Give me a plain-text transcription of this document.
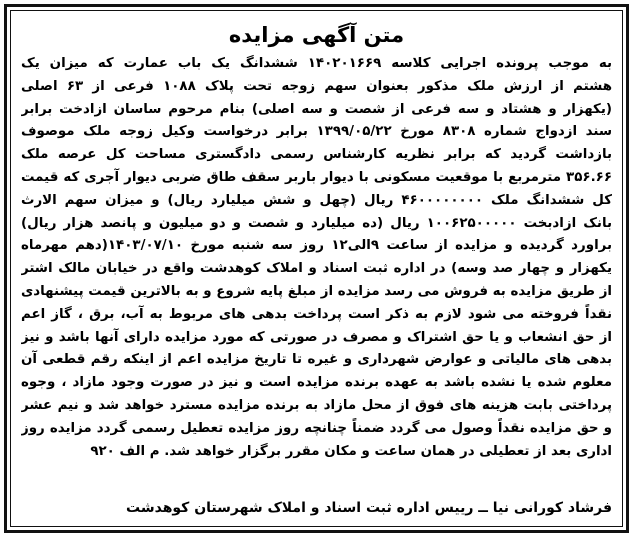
متن آگهی مزایده
به موجب پرونده اجرایی کلاسه ۱۴۰۲۰۱۶۶۹ ششدانگ یک باب عمارت که میزان یک
هشتم از ارزش ملک مذکور بعنوان سهم زوجه تحت پلاک ۱۰۸۸ فرعی از ۶۳ اصلی
(یکهزار و هشتاد و سه فرعی از شصت و سه اصلی) بنام مرحوم ساسان ازادخت برابر
سند ازدواج شماره ۸۳۰۸ مورخ ۱۳۹۹/۰۵/۲۲ برابر درخواست وکیل زوجه ملک موصوف
بازداشت گردید که برابر نظریه کارشناس رسمی دادگستری مساحت کل عرصه ملک
۳۵۶.۶۶ مترمربع با موقعیت مسکونی با دیوار باربر سقف طاق ضربی دیوار آجری که قیمت
کل ششدانگ ملک ۴۶۰۰۰۰۰۰۰۰ ریال (چهل و شش میلیارد ریال) و میزان سهم الارث
بانک ازادبخت ۱۰۰۶۲۵۰۰۰۰۰ ریال (ده میلیارد و شصت و دو میلیون و پانصد هزار ریال)
براورد گردیده و مزایده از ساعت ۹الی۱۲ روز سه شنبه مورخ ۱۴۰۳/۰۷/۱۰(دهم مهرماه
یکهزار و چهار صد وسه) در اداره ثبت اسناد و املاک کوهدشت واقع در خیابان مالک اشتر
از طریق مزایده به فروش می رسد مزایده از مبلغ پایه شروع و به بالاترین قیمت پیشنهادی
نقداً فروخته می شود لازم به ذکر است پرداخت بدهی های مربوط به آب، برق ، گاز اعم
از حق انشعاب و یا حق اشتراک و مصرف در صورتی که مورد مزایده دارای آنها باشد و نیز
بدهی های مالیاتی و عوارض شهرداری و غیره تا تاریخ مزایده اعم از اینکه رقم قطعی آن
معلوم شده یا نشده باشد به عهده برنده مزایده است و نیز در صورت وجود مازاد ، وجوه
پرداختی بابت هزینه های فوق از محل مازاد به برنده مزایده مسترد خواهد شد و نیم عشر
و حق مزایده نقداً وصول می گردد ضمناً چنانچه روز مزایده تعطیل رسمی گردد مزایده روز
اداری بعد از تعطیلی در همان ساعت و مکان مقرر برگزار خواهد شد. م الف ۹۲۰
فرشاد کورانی نیا ــ رییس اداره ثبت اسناد و املاک شهرستان کوهدشت
